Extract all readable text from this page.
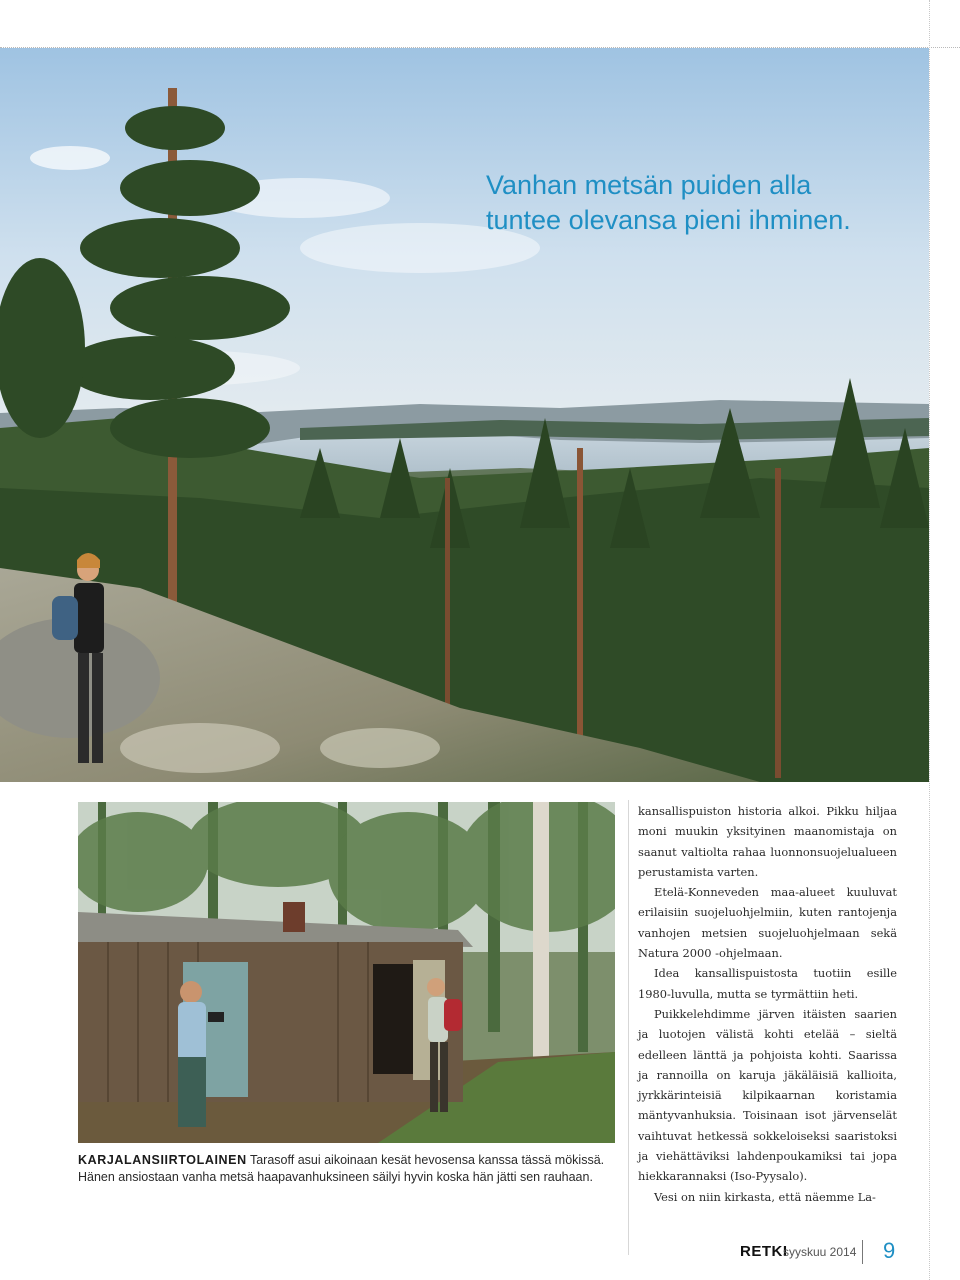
Vanhan metsän puiden alla
tuntee olevansa pieni ihminen.
KARJALANSIIRTOLAINEN Tarasoff asui aikoinaan kesät hevosensa kanssa tässä mökissä. Hänen ansiostaan vanha metsä haapavanhuksineen säilyi hyvin koska hän jätti sen rauhaan.

kansallispuiston historia alkoi. Pikku hiljaa moni muukin yksityinen maanomistaja on saanut valtiolta rahaa luonnonsuojelualueen perustamista varten.

Etelä-Konneveden maa-alueet kuuluvat erilaisiin suojeluohjelmiin, kuten rantojenja vanhojen metsien suojeluohjelmaan sekä Natura 2000 -ohjelmaan.

Idea kansallispuistosta tuotiin esille 1980-luvulla, mutta se tyrmättiin heti.

Puikkelehdimme järven itäisten saarien ja luotojen välistä kohti etelää – sieltä edelleen länttä ja pohjoista kohti. Saarissa ja rannoilla on karuja jäkäläisiä kallioita, jyrkkärinteisiä kilpikaarnan koristamia mäntyvanhuksia. Toisinaan isot järvenselät vaihtuvat hetkessä sokkeloiseksi saaristoksi ja viehättäviksi lahdenpoukamiksi tai jopa hiekkarannaksi (Iso-Pyysalo).

Vesi on niin kirkasta, että näemme La-

RETKI
syyskuu 2014 9
